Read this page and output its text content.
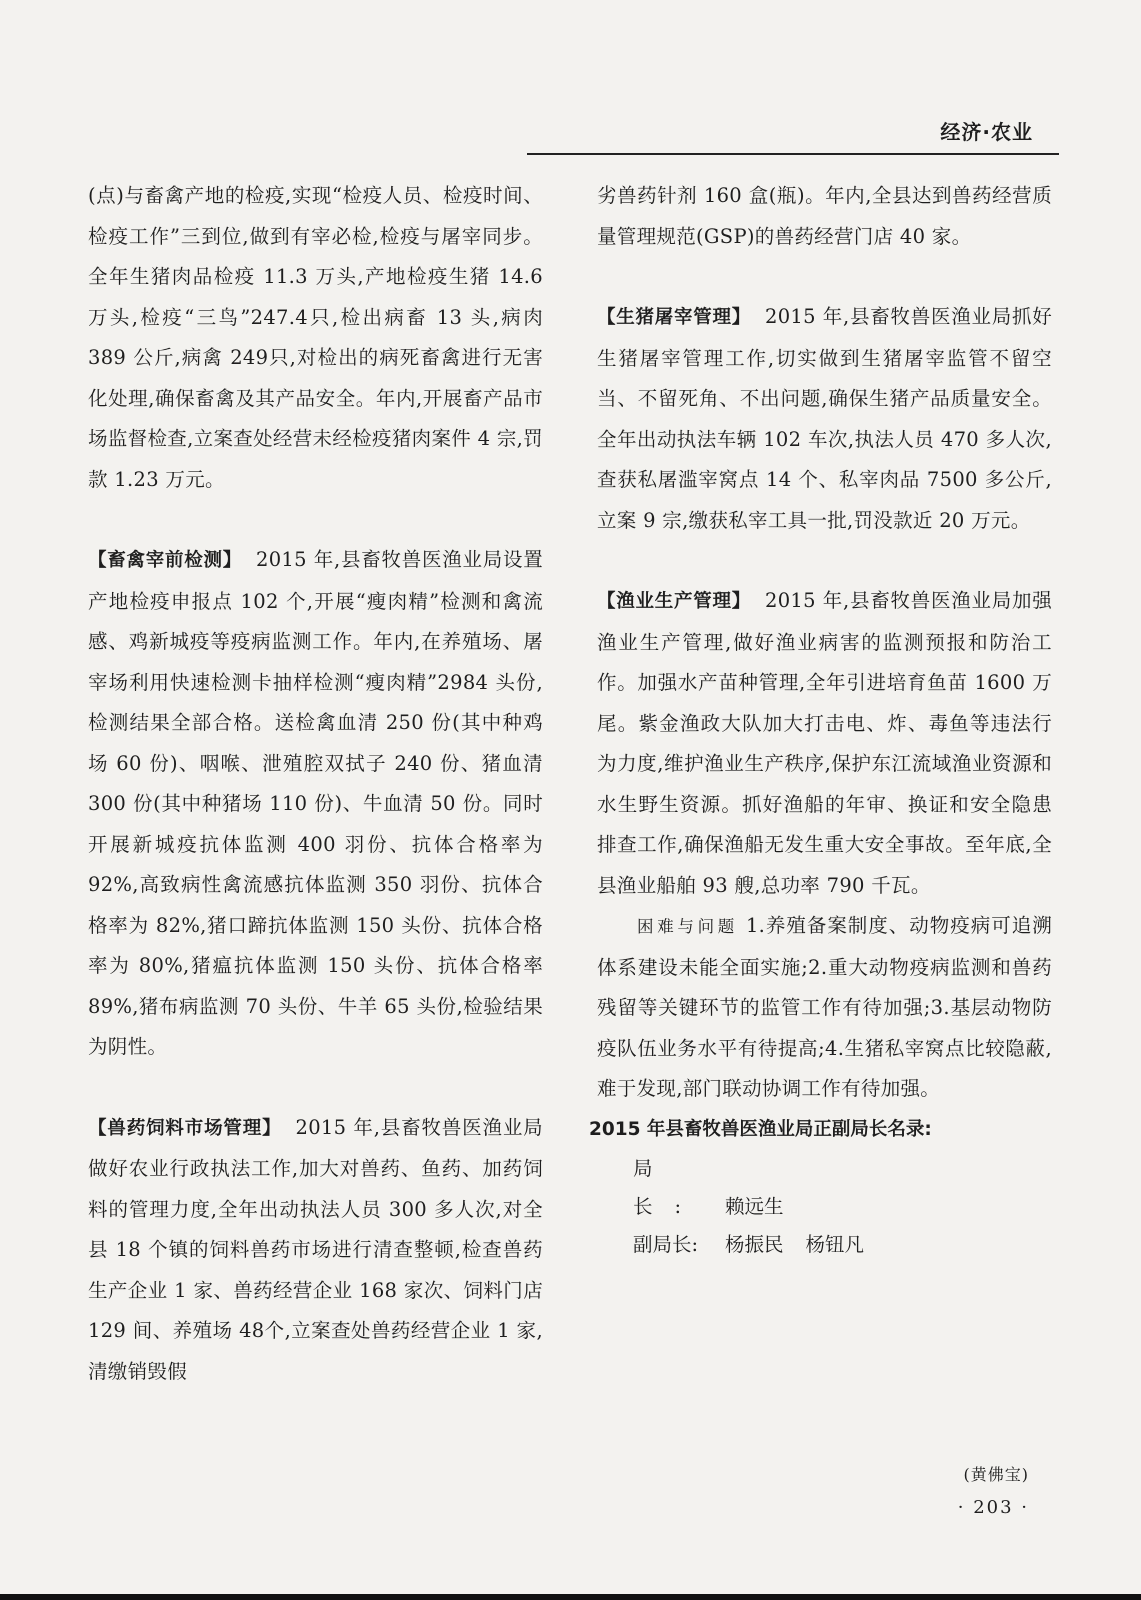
经济·农业

(点)与畜禽产地的检疫,实现“检疫人员、检疫时间、检疫工作”三到位,做到有宰必检,检疫与屠宰同步。全年生猪肉品检疫 11.3 万头,产地检疫生猪 14.6 万头,检疫“三鸟”247.4只,检出病畜 13 头,病肉 389 公斤,病禽 249只,对检出的病死畜禽进行无害化处理,确保畜禽及其产品安全。年内,开展畜产品市场监督检查,立案查处经营未经检疫猪肉案件 4 宗,罚款 1.23 万元。

【畜禽宰前检测】 2015 年,县畜牧兽医渔业局设置产地检疫申报点 102 个,开展“瘦肉精”检测和禽流感、鸡新城疫等疫病监测工作。年内,在养殖场、屠宰场利用快速检测卡抽样检测“瘦肉精”2984 头份,检测结果全部合格。送检禽血清 250 份(其中种鸡场 60 份)、咽喉、泄殖腔双拭子 240 份、猪血清 300 份(其中种猪场 110 份)、牛血清 50 份。同时开展新城疫抗体监测 400 羽份、抗体合格率为 92%,高致病性禽流感抗体监测 350 羽份、抗体合格率为 82%,猪口蹄抗体监测 150 头份、抗体合格率为 80%,猪瘟抗体监测 150 头份、抗体合格率 89%,猪布病监测 70 头份、牛羊 65 头份,检验结果为阴性。

【兽药饲料市场管理】 2015 年,县畜牧兽医渔业局做好农业行政执法工作,加大对兽药、鱼药、加药饲料的管理力度,全年出动执法人员 300 多人次,对全县 18 个镇的饲料兽药市场进行清查整顿,检查兽药生产企业 1 家、兽药经营企业 168 家次、饲料门店 129 间、养殖场 48个,立案查处兽药经营企业 1 家,清缴销毁假

劣兽药针剂 160 盒(瓶)。年内,全县达到兽药经营质量管理规范(GSP)的兽药经营门店 40 家。

【生猪屠宰管理】 2015 年,县畜牧兽医渔业局抓好生猪屠宰管理工作,切实做到生猪屠宰监管不留空当、不留死角、不出问题,确保生猪产品质量安全。全年出动执法车辆 102 车次,执法人员 470 多人次,查获私屠滥宰窝点 14 个、私宰肉品 7500 多公斤,立案 9 宗,缴获私宰工具一批,罚没款近 20 万元。

【渔业生产管理】 2015 年,县畜牧兽医渔业局加强渔业生产管理,做好渔业病害的监测预报和防治工作。加强水产苗种管理,全年引进培育鱼苗 1600 万尾。紫金渔政大队加大打击电、炸、毒鱼等违法行为力度,维护渔业生产秩序,保护东江流域渔业资源和水生野生资源。抓好渔船的年审、换证和安全隐患排查工作,确保渔船无发生重大安全事故。至年底,全县渔业船舶 93 艘,总功率 790 千瓦。

困难与问题 1.养殖备案制度、动物疫病可追溯体系建设未能全面实施;2.重大动物疫病监测和兽药残留等关键环节的监管工作有待加强;3.基层动物防疫队伍业务水平有待提高;4.生猪私宰窝点比较隐蔽,难于发现,部门联动协调工作有待加强。

2015 年县畜牧兽医渔业局正副局长名录:
局长: 赖远生
副局长: 杨振民 杨钮凡
(黄佛宝)
· 203 ·
